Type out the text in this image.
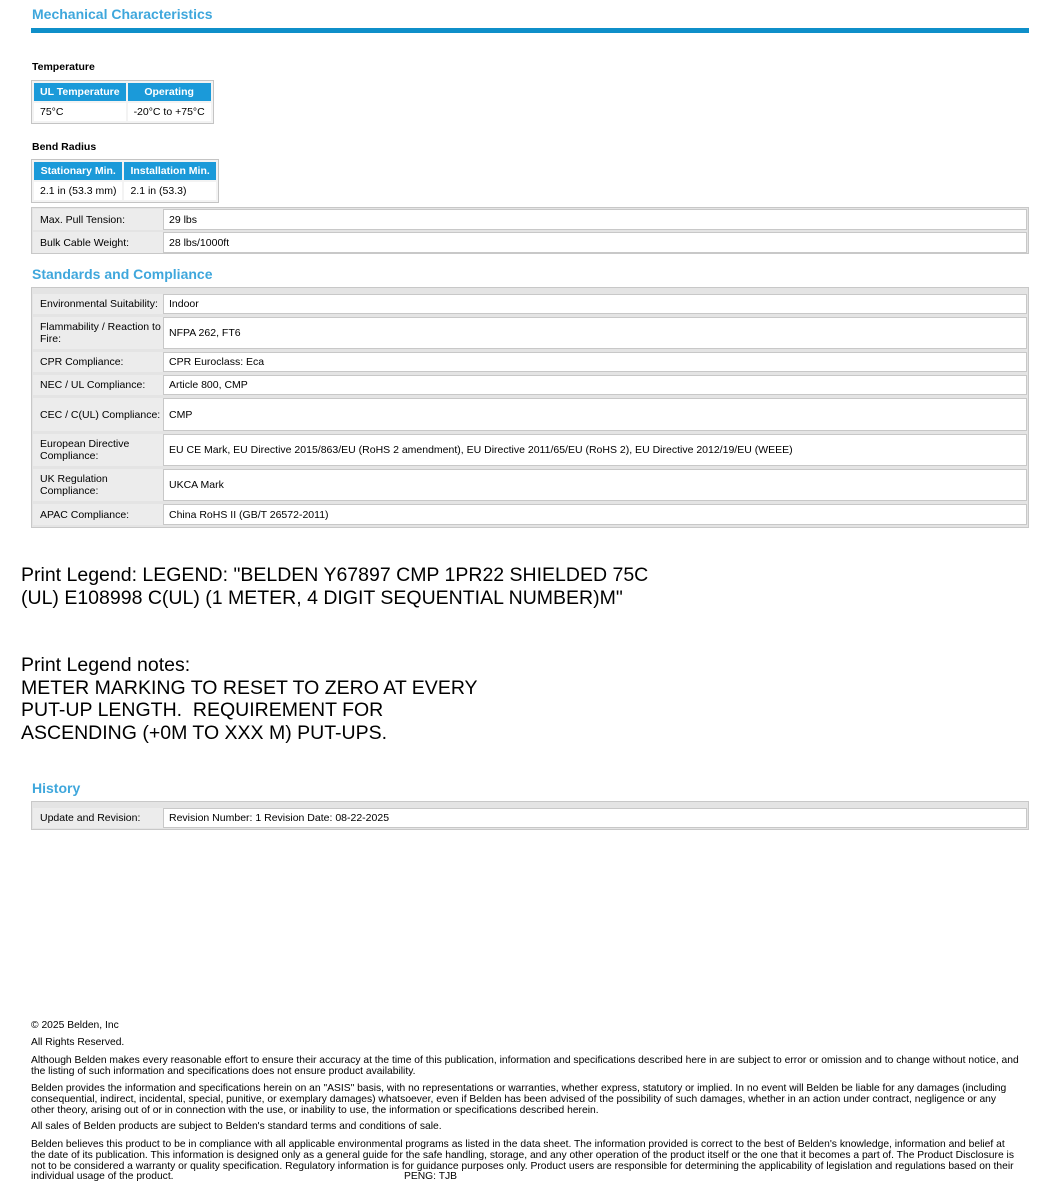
Mechanical Characteristics
Temperature
UL Temperature	Operating
75°C	-20°C to +75°C
Bend Radius
Stationary Min.	Installation Min.
2.1 in (53.3 mm)	2.1 in (53.3)
Max. Pull Tension:	29 lbs
Bulk Cable Weight:	28 lbs/1000ft
Standards and Compliance
Environmental Suitability:	Indoor
Flammability / Reaction to Fire:	NFPA 262, FT6
CPR Compliance:	CPR Euroclass: Eca
NEC / UL Compliance:	Article 800, CMP
CEC / C(UL) Compliance: CMP
European Directive Compliance:	EU CE Mark, EU Directive 2015/863/EU (RoHS 2 amendment), EU Directive 2011/65/EU (RoHS 2), EU Directive 2012/19/EU (WEEE)
UK Regulation Compliance:	UKCA Mark
APAC Compliance:	China RoHS II (GB/T 26572-2011)
Print Legend: LEGEND: "BELDEN Y67897 CMP 1PR22 SHIELDED 75C
(UL) E108998 C(UL) (1 METER, 4 DIGIT SEQUENTIAL NUMBER)M"
Print Legend notes:
METER MARKING TO RESET TO ZERO AT EVERY
PUT-UP LENGTH.  REQUIREMENT FOR
ASCENDING (+0M TO XXX M) PUT-UPS.
History
Update and Revision:	Revision Number: 1 Revision Date: 08-22-2025
© 2025 Belden, Inc
All Rights Reserved.
Although Belden makes every reasonable effort to ensure their accuracy at the time of this publication, information and specifications described here in are subject to error or omission and to change without notice, and the listing of such information and specifications does not ensure product availability.
Belden provides the information and specifications herein on an "ASIS" basis, with no representations or warranties, whether express, statutory or implied. In no event will Belden be liable for any damages (including consequential, indirect, incidental, special, punitive, or exemplary damages) whatsoever, even if Belden has been advised of the possibility of such damages, whether in an action under contract, negligence or any other theory, arising out of or in connection with the use, or inability to use, the information or specifications described herein.
All sales of Belden products are subject to Belden's standard terms and conditions of sale.
Belden believes this product to be in compliance with all applicable environmental programs as listed in the data sheet. The information provided is correct to the best of Belden's knowledge, information and belief at the date of its publication. This information is designed only as a general guide for the safe handling, storage, and any other operation of the product itself or the one that it becomes a part of. The Product Disclosure is not to be considered a warranty or quality specification. Regulatory information is for guidance purposes only. Product users are responsible for determining the applicability of legislation and regulations based on their individual usage of the product.	PENG: TJB
